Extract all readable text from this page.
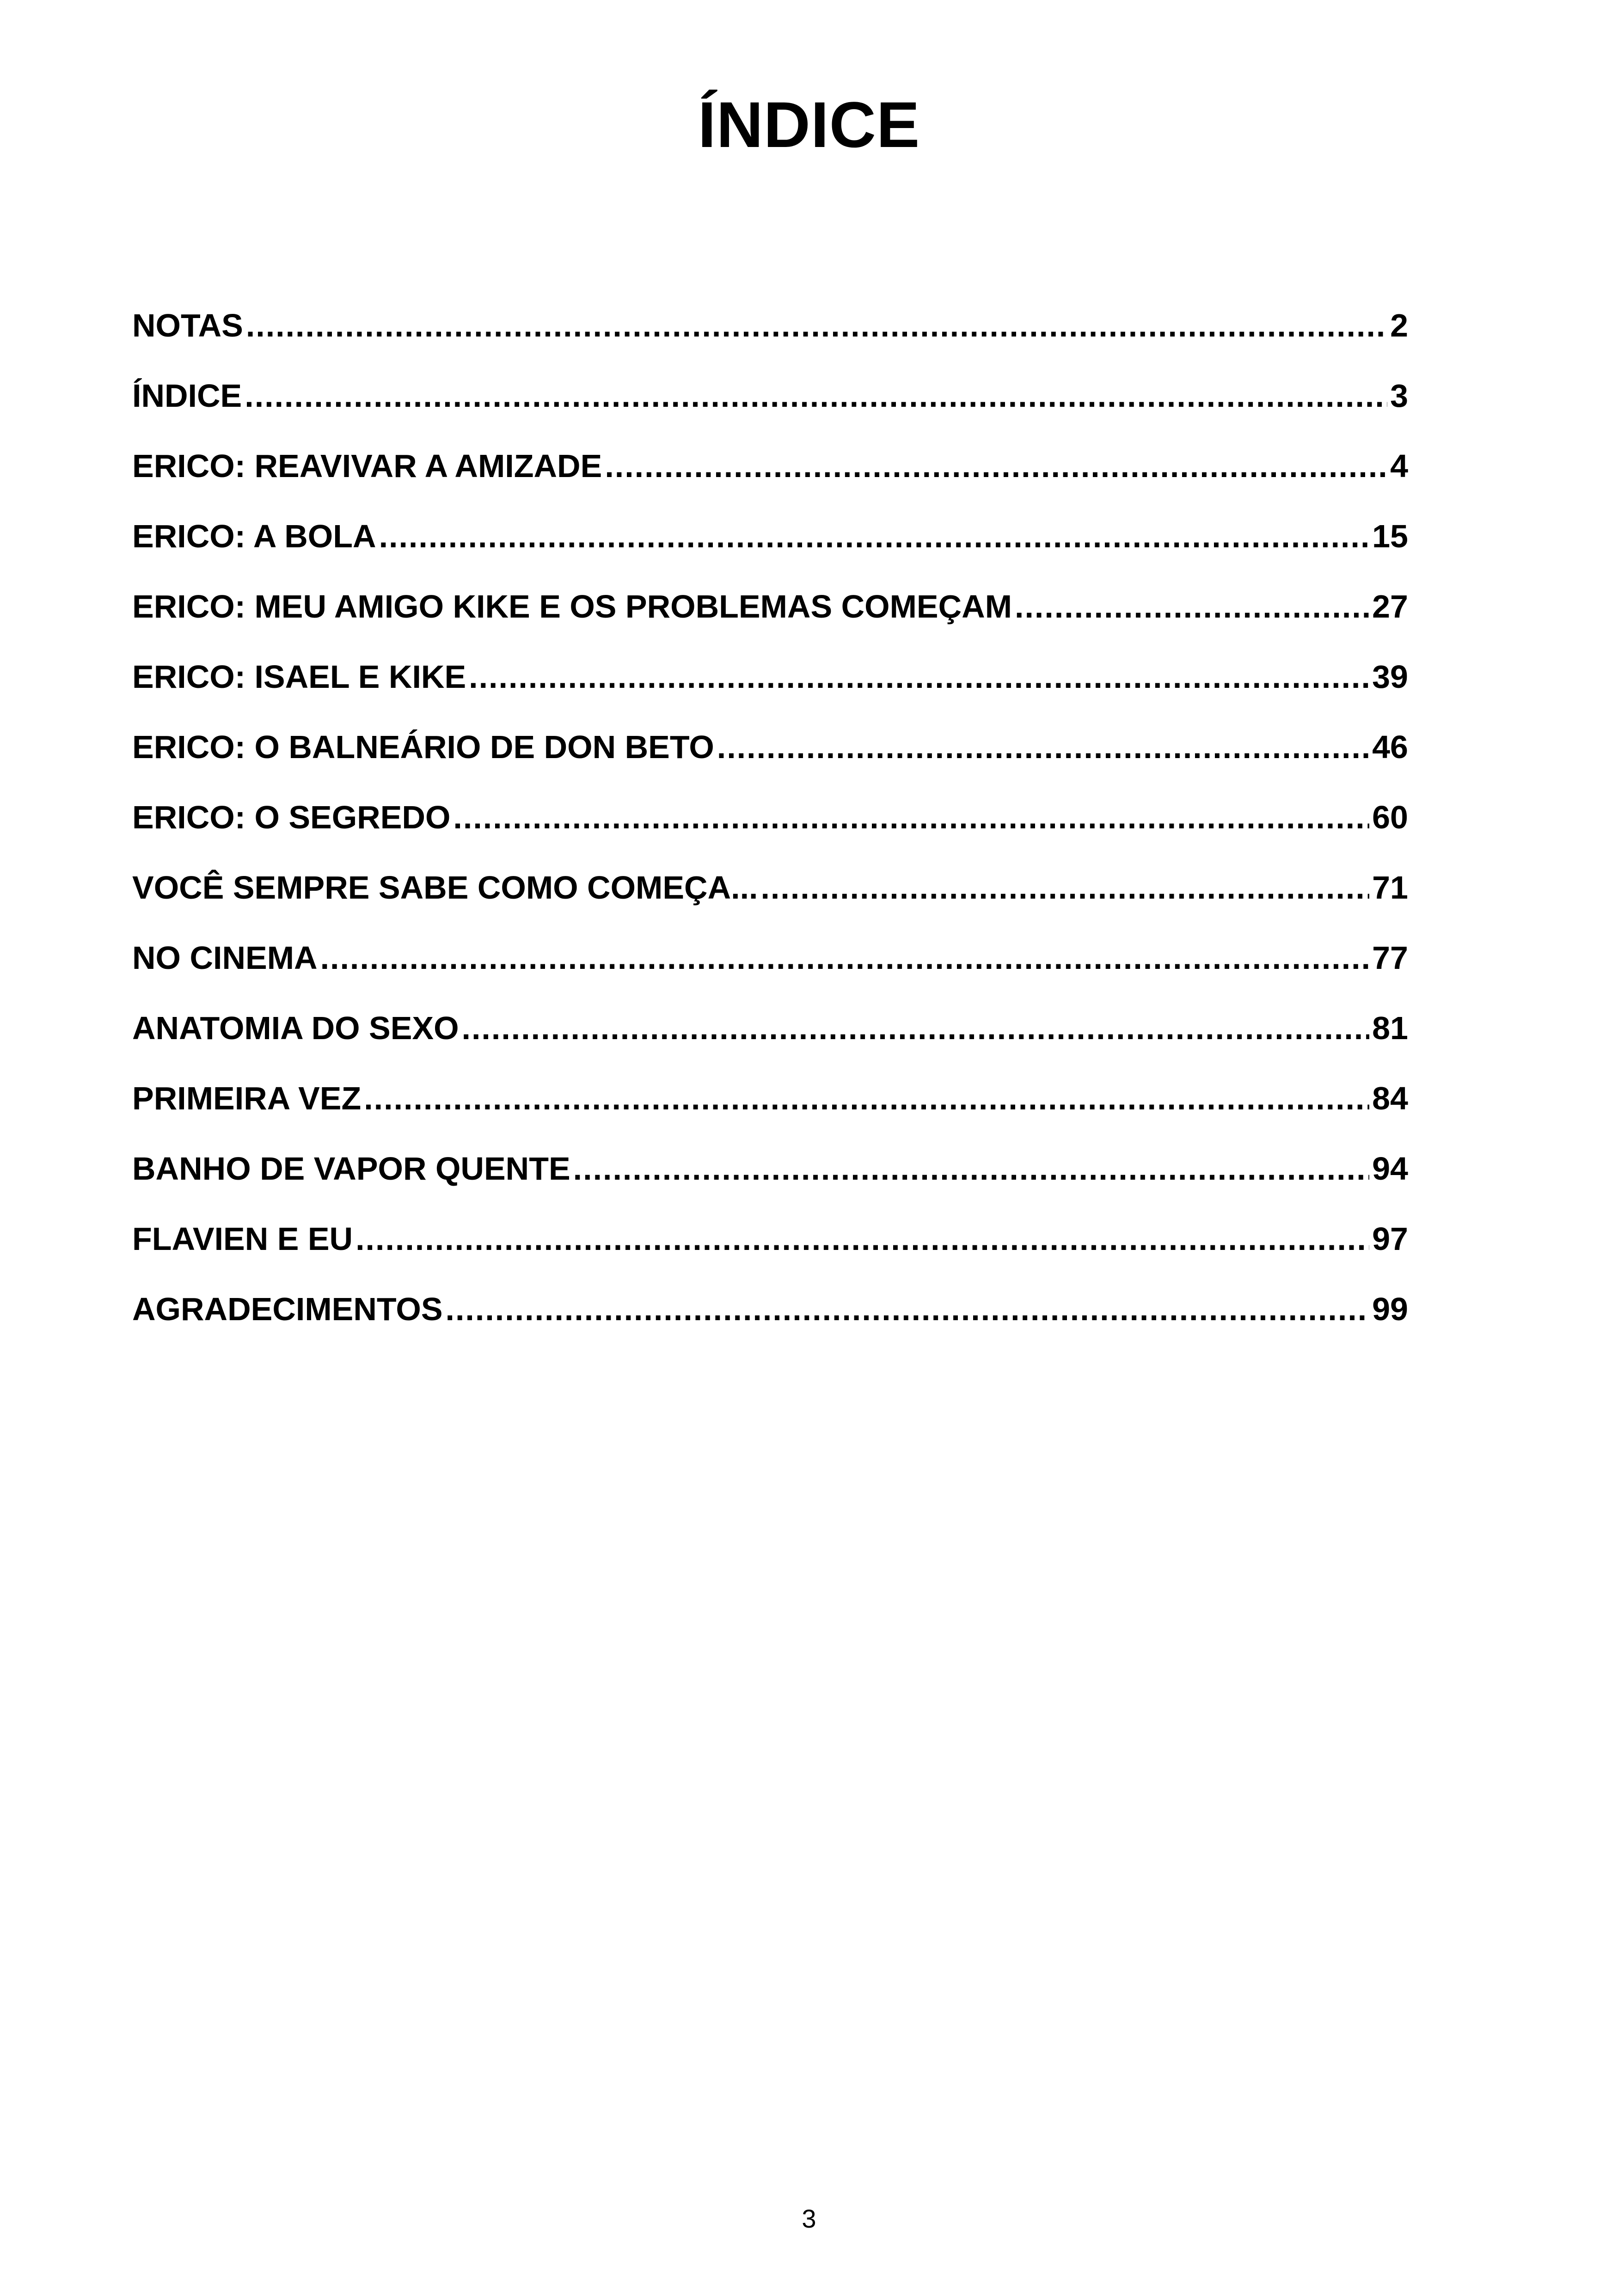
ÍNDICE
NOTAS .....	2
ÍNDICE .....	3
ERICO: REAVIVAR A AMIZADE .....	4
ERICO: A BOLA .....	15
ERICO: MEU AMIGO KIKE E OS PROBLEMAS COMEÇAM .....	27
ERICO: ISAEL E KIKE .....	39
ERICO: O BALNEÁRIO DE DON BETO .....	46
ERICO: O SEGREDO .....	60
VOCÊ SEMPRE SABE COMO COMEÇA... .....	71
NO CINEMA .....	77
ANATOMIA DO SEXO .....	81
PRIMEIRA VEZ .....	84
BANHO DE VAPOR QUENTE .....	94
FLAVIEN E EU .....	97
AGRADECIMENTOS .....	99
3
